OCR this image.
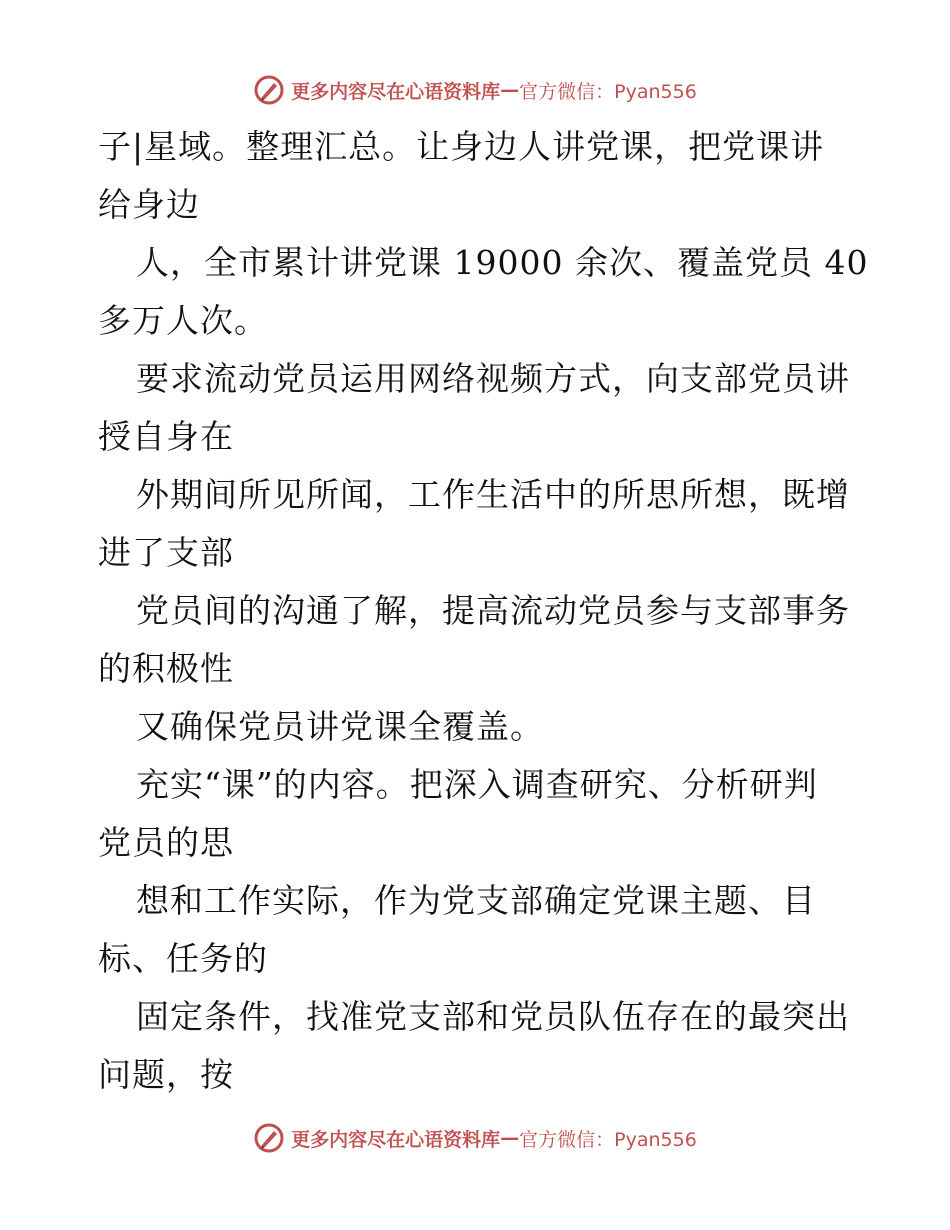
更多内容尽在心语资料库 — 官方微信：Pyan556
子|星域。整理汇总。让身边人讲党课，把党课讲
给身边
人，全市累计讲党课 19000 余次、覆盖党员 40
多万人次。
要求流动党员运用网络视频方式，向支部党员讲
授自身在
外期间所见所闻，工作生活中的所思所想，既增
进了支部
党员间的沟通了解，提高流动党员参与支部事务
的积极性
又确保党员讲党课全覆盖。
充实“课”的内容。把深入调查研究、分析研判
党员的思
想和工作实际，作为党支部确定党课主题、目
标、任务的
固定条件，找准党支部和党员队伍存在的最突出
问题，按
更多内容尽在心语资料库 — 官方微信：Pyan556
